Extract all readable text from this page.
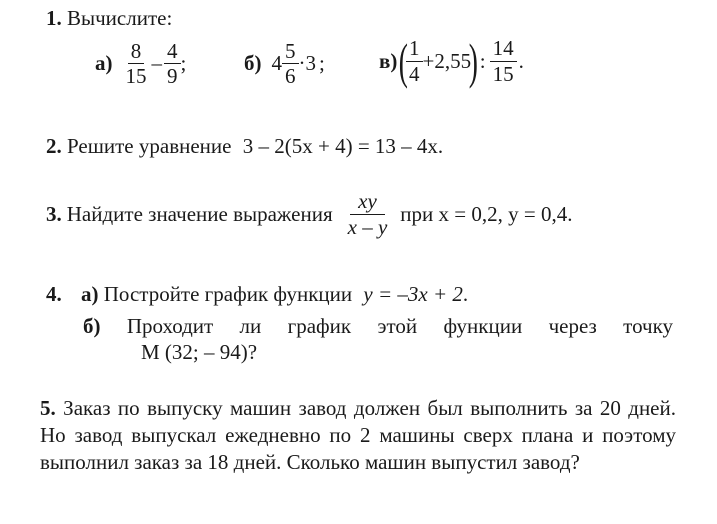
1. Вычислите:
$а) \frac{8}{15} - \frac{4}{9}$ ;	б) $4 \frac{5}{6} \cdot 3$ ;	в) (
$\frac{1}{4} +2,55$
) : $\frac{14}{15}$ .
2. Решите уравнение 3 – 2(5x + 4) = 13 – 4x.
3. Найдите значение выражения $\frac{xy}{x - y}$ при x = 0,2, y = 0,4.
4. а) Постройте график функции y = –3x + 2.
б) Проходит ли график этой функции через точку
M (32; – 94)?
5. Заказ по выпуску машин завод должен был выполнить за 20 дней. Но завод выпускал ежедневно по 2 машины сверх плана и поэтому выполнил заказ за 18 дней. Сколько машин выпустил завод?
